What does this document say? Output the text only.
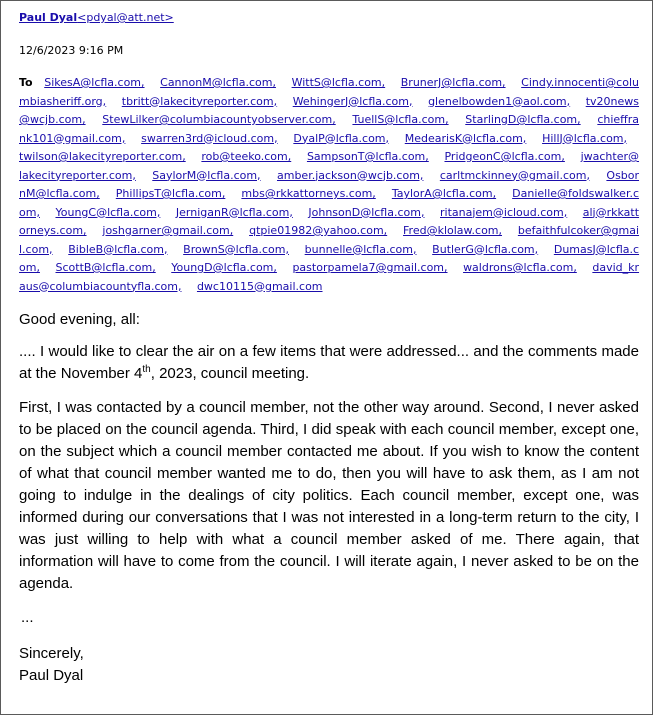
Paul Dyal<pdyal@att.net>
12/6/2023 9:16 PM
To SikesA@lcfla.com, CannonM@lcfla.com, WittS@lcfla.com, BrunerJ@lcfla.com, Cindy.innocenti@columbiasheriff.org, tbritt@lakecityreporter.com, WehingerJ@lcfla.com, glenelbowden1@aol.com, tv20news@wcjb.com, StewLilker@columbiacountyobserver.com, TuellS@lcfla.com, StarlingD@lcfla.com, chieffrank101@gmail.com, swarren3rd@icloud.com, DyalP@lcfla.com, MedearisK@lcfla.com, HillJ@lcfla.com, twilson@lakecityreporter.com, rob@teeko.com, SampsonT@lcfla.com, PridgeonC@lcfla.com, jwachter@lakecityreporter.com, SaylorM@lcfla.com, amber.jackson@wcjb.com, carltmckinney@gmail.com, OsbornM@lcfla.com, PhillipsT@lcfla.com, mbs@rkkattorneys.com, TaylorA@lcfla.com, Danielle@foldswalker.com, YoungC@lcfla.com, JerniganR@lcfla.com, JohnsonD@lcfla.com, ritanajem@icloud.com, alj@rkkattorneys.com, joshgarner@gmail.com, qtpie01982@yahoo.com, Fred@klolaw.com, befaithfulcoker@gmail.com, BibleB@lcfla.com, BrownS@lcfla.com, bunnelle@lcfla.com, ButlerG@lcfla.com, DumasJ@lcfla.com, ScottB@lcfla.com, YoungD@lcfla.com, pastorpamela7@gmail.com, waldrons@lcfla.com, david_kraus@columbiacountyfla.com, dwc10115@gmail.com

Good evening, all:

.... I would like to clear the air on a few items that were addressed... and the comments made at the November 4th, 2023, council meeting.

First, I was contacted by a council member, not the other way around. Second, I never asked to be placed on the council agenda. Third, I did speak with each council member, except one, on the subject which a council member contacted me about. If you wish to know the content of what that council member wanted me to do, then you will have to ask them, as I am not going to indulge in the dealings of city politics. Each council member, except one, was informed during our conversations that I was not interested in a long-term return to the city, I was just willing to help with what a council member asked of me. There again, that information will have to come from the council. I will iterate again, I never asked to be on the agenda.

...

Sincerely,

Paul Dyal
